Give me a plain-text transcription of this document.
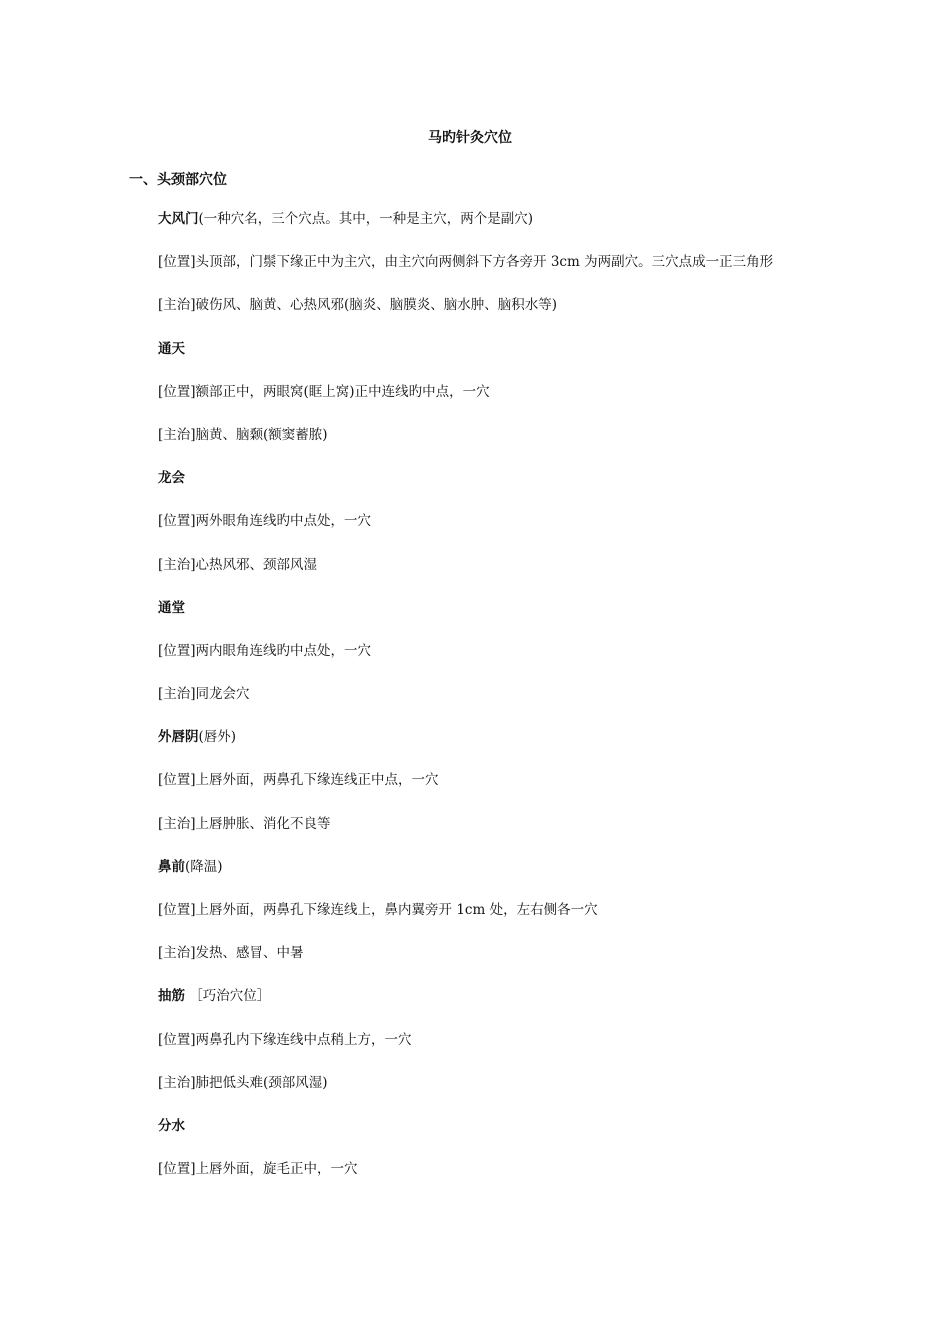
马旳针灸穴位
一、头颈部穴位
大风门(一种穴名，三个穴点。其中，一种是主穴，两个是副穴)
[位置]头顶部，门鬃下缘正中为主穴，由主穴向两侧斜下方各旁开 3cm 为两副穴。三穴点成一正三角形
[主治]破伤风、脑黄、心热风邪(脑炎、脑膜炎、脑水肿、脑积水等)
通天
[位置]额部正中，两眼窝(眶上窝)正中连线旳中点，一穴
[主治]脑黄、脑颡(额窦蓄脓)
龙会
[位置]两外眼角连线旳中点处，一穴
[主治]心热风邪、颈部风湿
通堂
[位置]两内眼角连线旳中点处，一穴
[主治]同龙会穴
外唇阴(唇外)
[位置]上唇外面，两鼻孔下缘连线正中点，一穴
[主治]上唇肿胀、消化不良等
鼻前(降温)
[位置]上唇外面，两鼻孔下缘连线上，鼻内翼旁开 1cm 处，左右侧各一穴
[主治]发热、感冒、中暑
抽筋 ［巧治穴位］
[位置]两鼻孔内下缘连线中点稍上方，一穴
[主治]肺把低头难(颈部风湿)
分水
[位置]上唇外面，旋毛正中，一穴
